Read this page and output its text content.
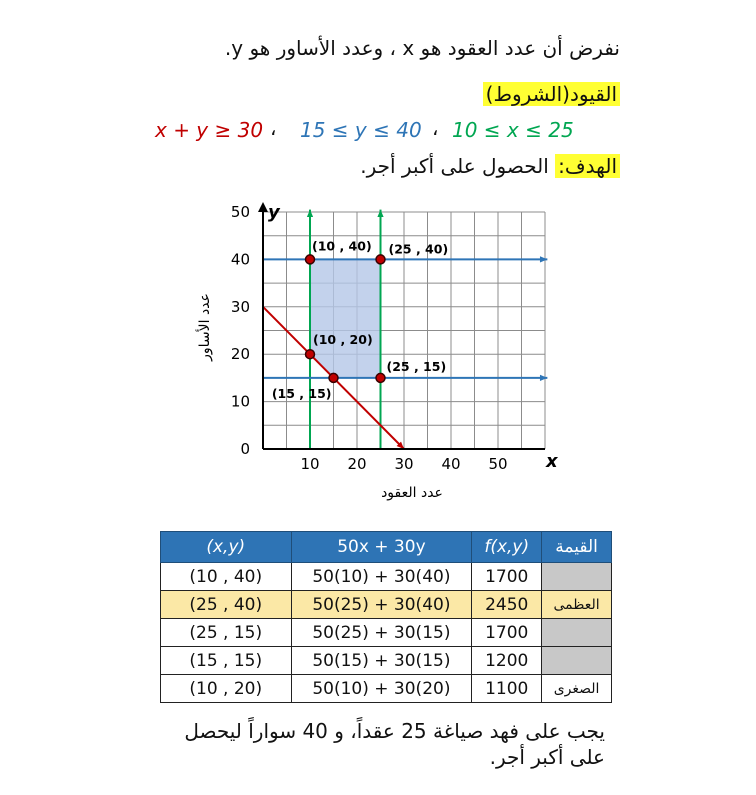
نفرض أن عدد العقود هو x ، وعدد الأساور هو y.
القيود(الشروط)
x + y ≥ 30 ، 15 ≤ y ≤ 40 ، 10 ≤ x ≤ 25
الهدف: الحصول على أكبر أجر.
10 20 30 40 50
0
10
20
30
40
50
(10 , 40) (25 , 40)
(10 , 20)
(25 , 15)
(15 , 15)
x
y
عدد العقود
عدد الأساور
القيمة	f(x,y)	50x + 30y	(x,y)
	1700	50(10) + 30(40)	(10 , 40)
العظمى	2450	50(25) + 30(40)	(25 , 40)
	1700	50(25) + 30(15)	(25 , 15)
	1200	50(15) + 30(15)	(15 , 15)
الصغرى	1100	50(10) + 30(20)	(10 , 20)
يجب على فهد صياغة 25 عقداً، و 40 سواراً ليحصل على أكبر أجر.
